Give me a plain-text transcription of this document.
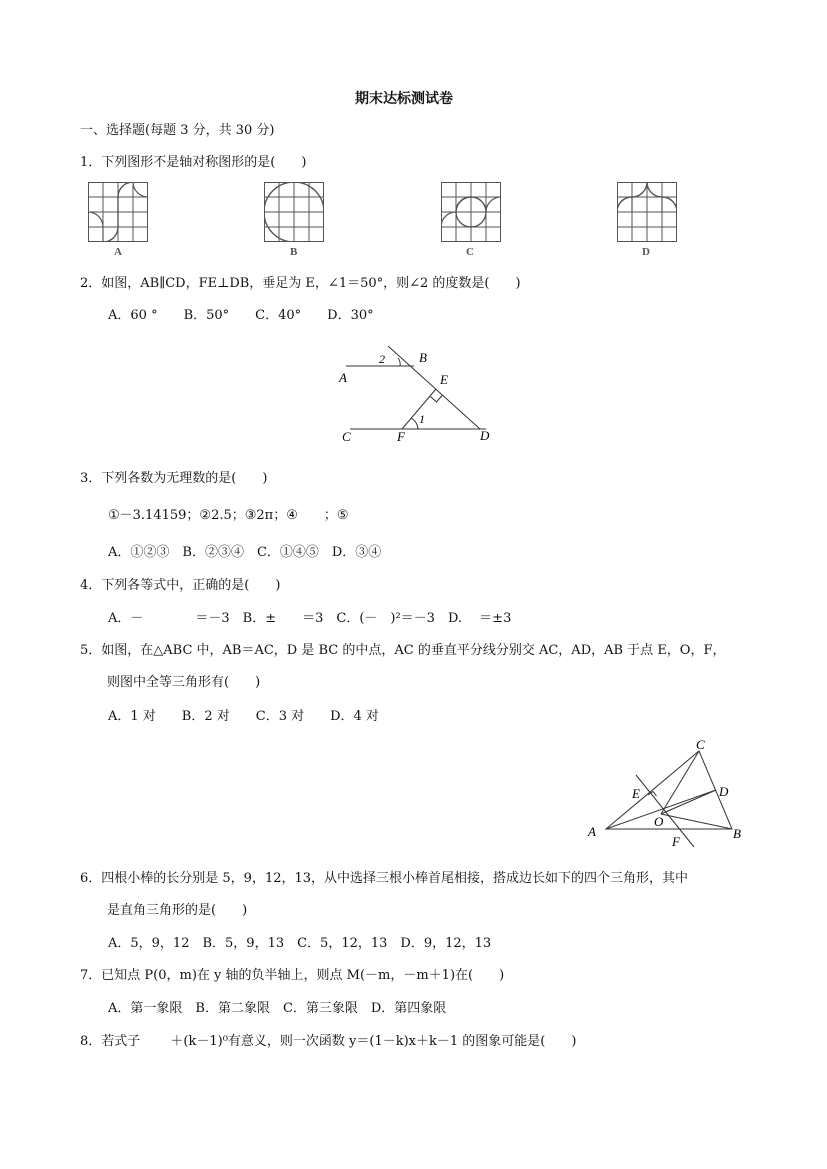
期末达标测试卷
一、选择题(每题 3 分，共 30 分)
1．下列图形不是轴对称图形的是(　　)
A	B	C	D
2．如图，AB∥CD，FE⊥DB，垂足为 E，∠1＝50°，则∠2 的度数是(　　)
A．60 °　　B．50°　　C．40°　　D．30°
2	B
A	E
1
C	F	D
3．下列各数为无理数的是(　　)
①－3.14159；②2.5；③2π；④　　；⑤
A．①②③　B．②③④　C．①④⑤　D．③④
4．下列各等式中，正确的是(　　)
A．－　　　　＝－3　B．±　　＝3　C．(－　)²＝－3　D.　 ＝±3
5．如图，在△ABC 中，AB＝AC，D 是 BC 的中点，AC 的垂直平分线分别交 AC，AD，AB 于点 E，O，F，
则图中全等三角形有(　　)
A．1 对　　B．2 对　　C．3 对　　D．4 对
C
E	D
O
A	B
F
6．四根小棒的长分别是 5，9，12，13，从中选择三根小棒首尾相接，搭成边长如下的四个三角形，其中
是直角三角形的是(　　)
A．5，9，12　B．5，9，13　C．5，12，13　D．9，12，13
7．已知点 P(0，m)在 y 轴的负半轴上，则点 M(－m，－m＋1)在(　　)
A．第一象限　B．第二象限　C．第三象限　D．第四象限
8．若式子　　 ＋(k－1)⁰有意义，则一次函数 y＝(1－k)x＋k－1 的图象可能是(　　)
